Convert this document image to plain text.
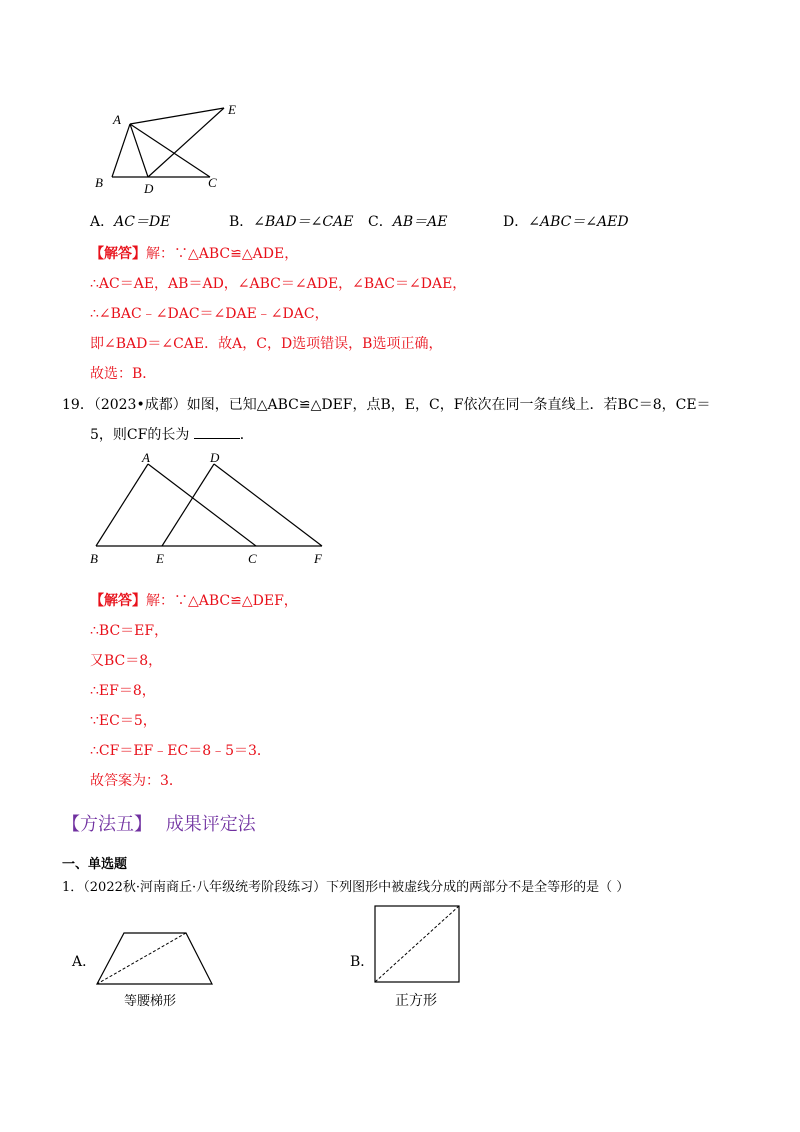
A
E
B	D	C
A．AC＝DE	B．∠BAD＝∠CAE C．AB＝AE	D．∠ABC＝∠AED
【解答】解：∵△ABC≌△ADE，
∴AC＝AE，AB＝AD，∠ABC＝∠ADE，∠BAC＝∠DAE，
∴∠BAC﹣∠DAC＝∠DAE﹣∠DAC，
即∠BAD＝∠CAE．故A，C，D选项错误，B选项正确，
故选：B．
19．（2023•成都）如图，已知△ABC≌△DEF，点B，E，C，F依次在同一条直线上．若BC＝8，CE＝
5，则CF的长为	．
A	D
B	E	C	F
【解答】解：∵△ABC≌△DEF，
∴BC＝EF，
又BC＝8，
∴EF＝8，
∵EC＝5，
∴CF＝EF﹣EC＝8﹣5＝3．
故答案为：3．
【方法五】 成果评定法
一、单选题
1．（2022秋·河南商丘·八年级统考阶段练习）下列图形中被虚线分成的两部分不是全等形的是（ ）
A．
等腰梯形
B．
正方形
